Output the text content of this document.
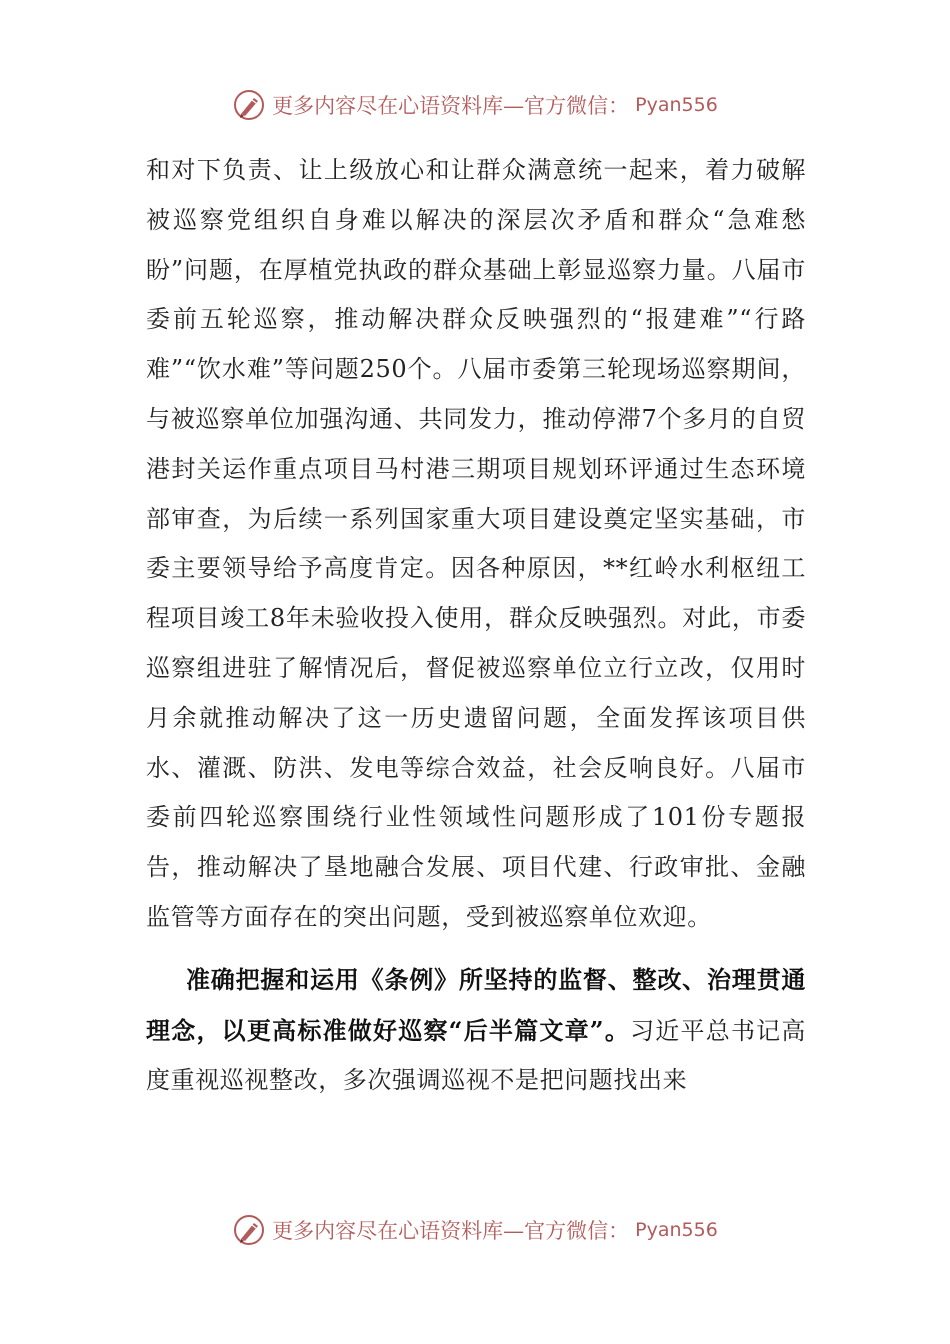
更多内容尽在心语资料库—官方微信： Pyan556

和对下负责、让上级放心和让群众满意统一起来，着力破解被巡察党组织自身难以解决的深层次矛盾和群众“急难愁盼”问题，在厚植党执政的群众基础上彰显巡察力量。八届市委前五轮巡察，推动解决群众反映强烈的“报建难”“行路难”“饮水难”等问题250个。八届市委第三轮现场巡察期间，与被巡察单位加强沟通、共同发力，推动停滞7个多月的自贸港封关运作重点项目马村港三期项目规划环评通过生态环境部审查，为后续一系列国家重大项目建设奠定坚实基础，市委主要领导给予高度肯定。因各种原因，**红岭水利枢纽工程项目竣工8年未验收投入使用，群众反映强烈。对此，市委巡察组进驻了解情况后，督促被巡察单位立行立改，仅用时月余就推动解决了这一历史遗留问题，全面发挥该项目供水、灌溉、防洪、发电等综合效益，社会反响良好。八届市委前四轮巡察围绕行业性领域性问题形成了101份专题报告，推动解决了垦地融合发展、项目代建、行政审批、金融监管等方面存在的突出问题，受到被巡察单位欢迎。

准确把握和运用《条例》所坚持的监督、整改、治理贯通理念，以更高标准做好巡察“后半篇文章”。习近平总书记高度重视巡视整改，多次强调巡视不是把问题找出来

更多内容尽在心语资料库—官方微信： Pyan556
